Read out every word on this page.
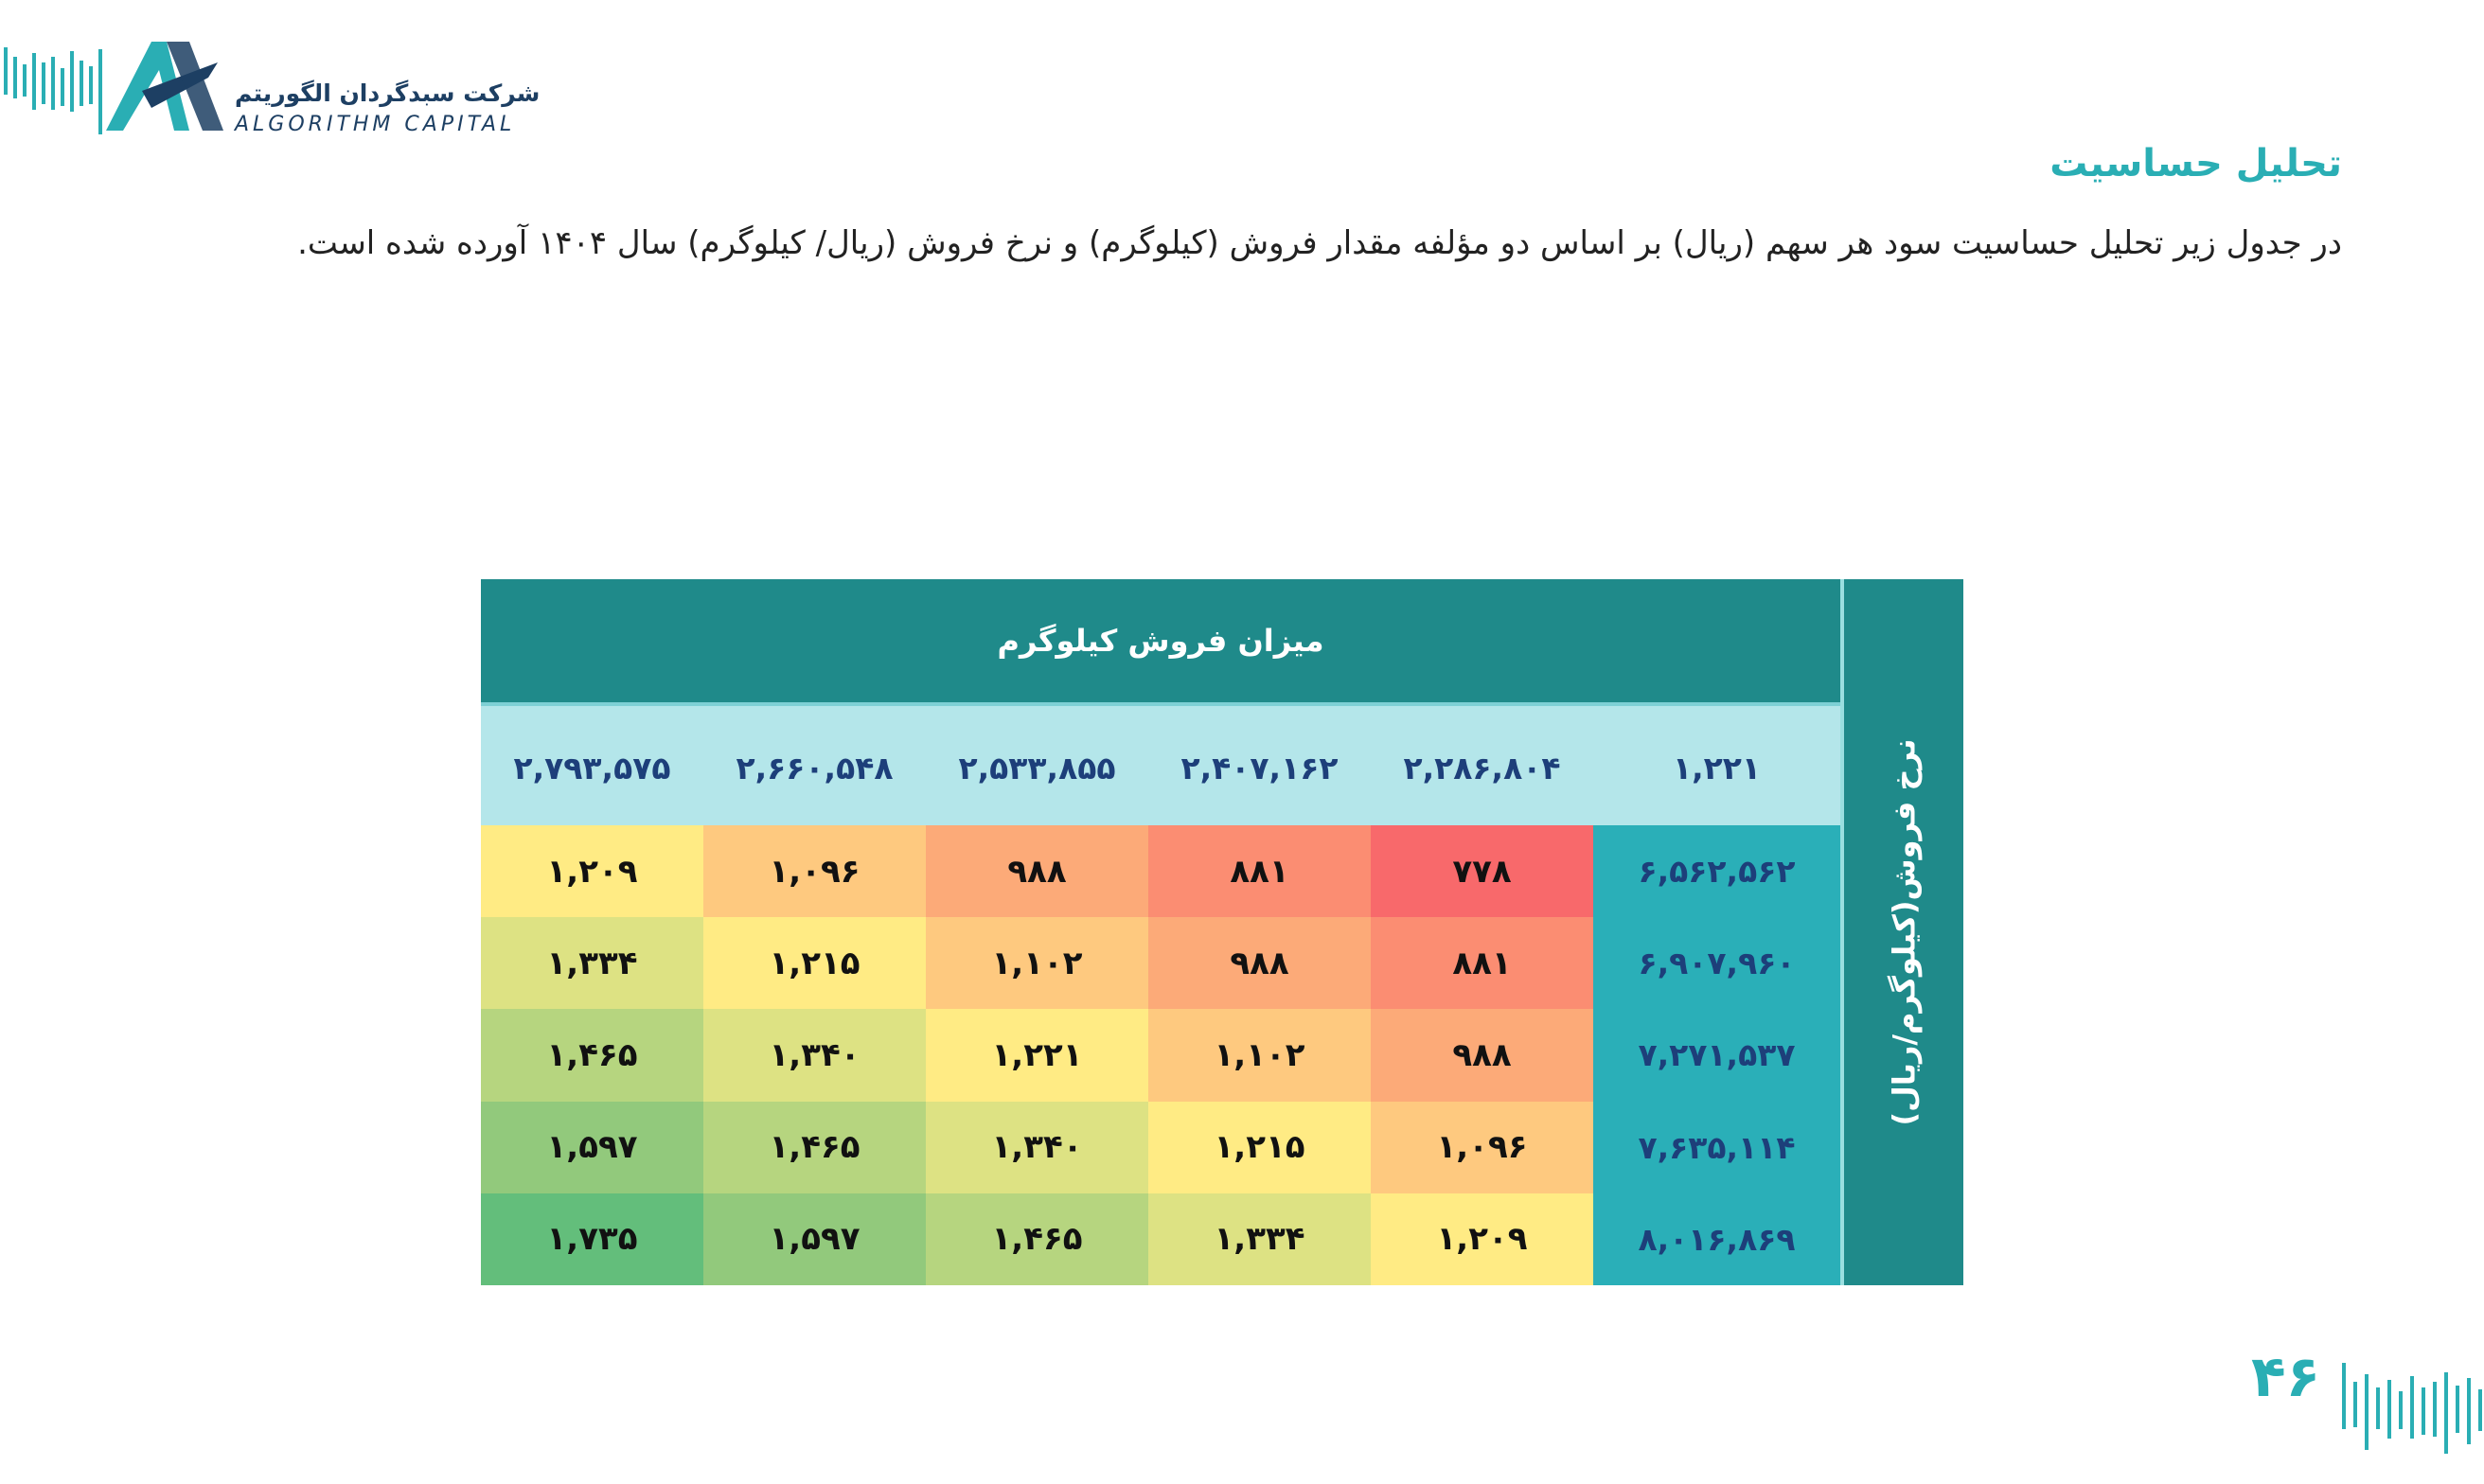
شرکت سبدگردان الگوریتم
ALGORITHM CAPITAL
تحلیل حساسیت
در جدول زیر تحلیل حساسیت سود هر سهم (ریال) بر اساس دو مؤلفه مقدار فروش (کیلوگرم) و نرخ فروش (ریال/ کیلوگرم) سال ۱۴۰۴ آورده شده است.
میزان فروش کیلوگرم
نرخ فروش(کیلوگرم/ریال)
۱,۲۲۱
۲,۲۸۶,۸۰۴
۲,۴۰۷,۱۶۲
۲,۵۳۳,۸۵۵
۲,۶۶۰,۵۴۸
۲,۷۹۳,۵۷۵
۶,۵۶۲,۵۶۲
۷۷۸
۸۸۱
۹۸۸
۱,۰۹۶
۱,۲۰۹
۶,۹۰۷,۹۶۰
۸۸۱
۹۸۸
۱,۱۰۲
۱,۲۱۵
۱,۳۳۴
۷,۲۷۱,۵۳۷
۹۸۸
۱,۱۰۲
۱,۲۲۱
۱,۳۴۰
۱,۴۶۵
۷,۶۳۵,۱۱۴
۱,۰۹۶
۱,۲۱۵
۱,۳۴۰
۱,۴۶۵
۱,۵۹۷
۸,۰۱۶,۸۶۹
۱,۲۰۹
۱,۳۳۴
۱,۴۶۵
۱,۵۹۷
۱,۷۳۵
۴۶
